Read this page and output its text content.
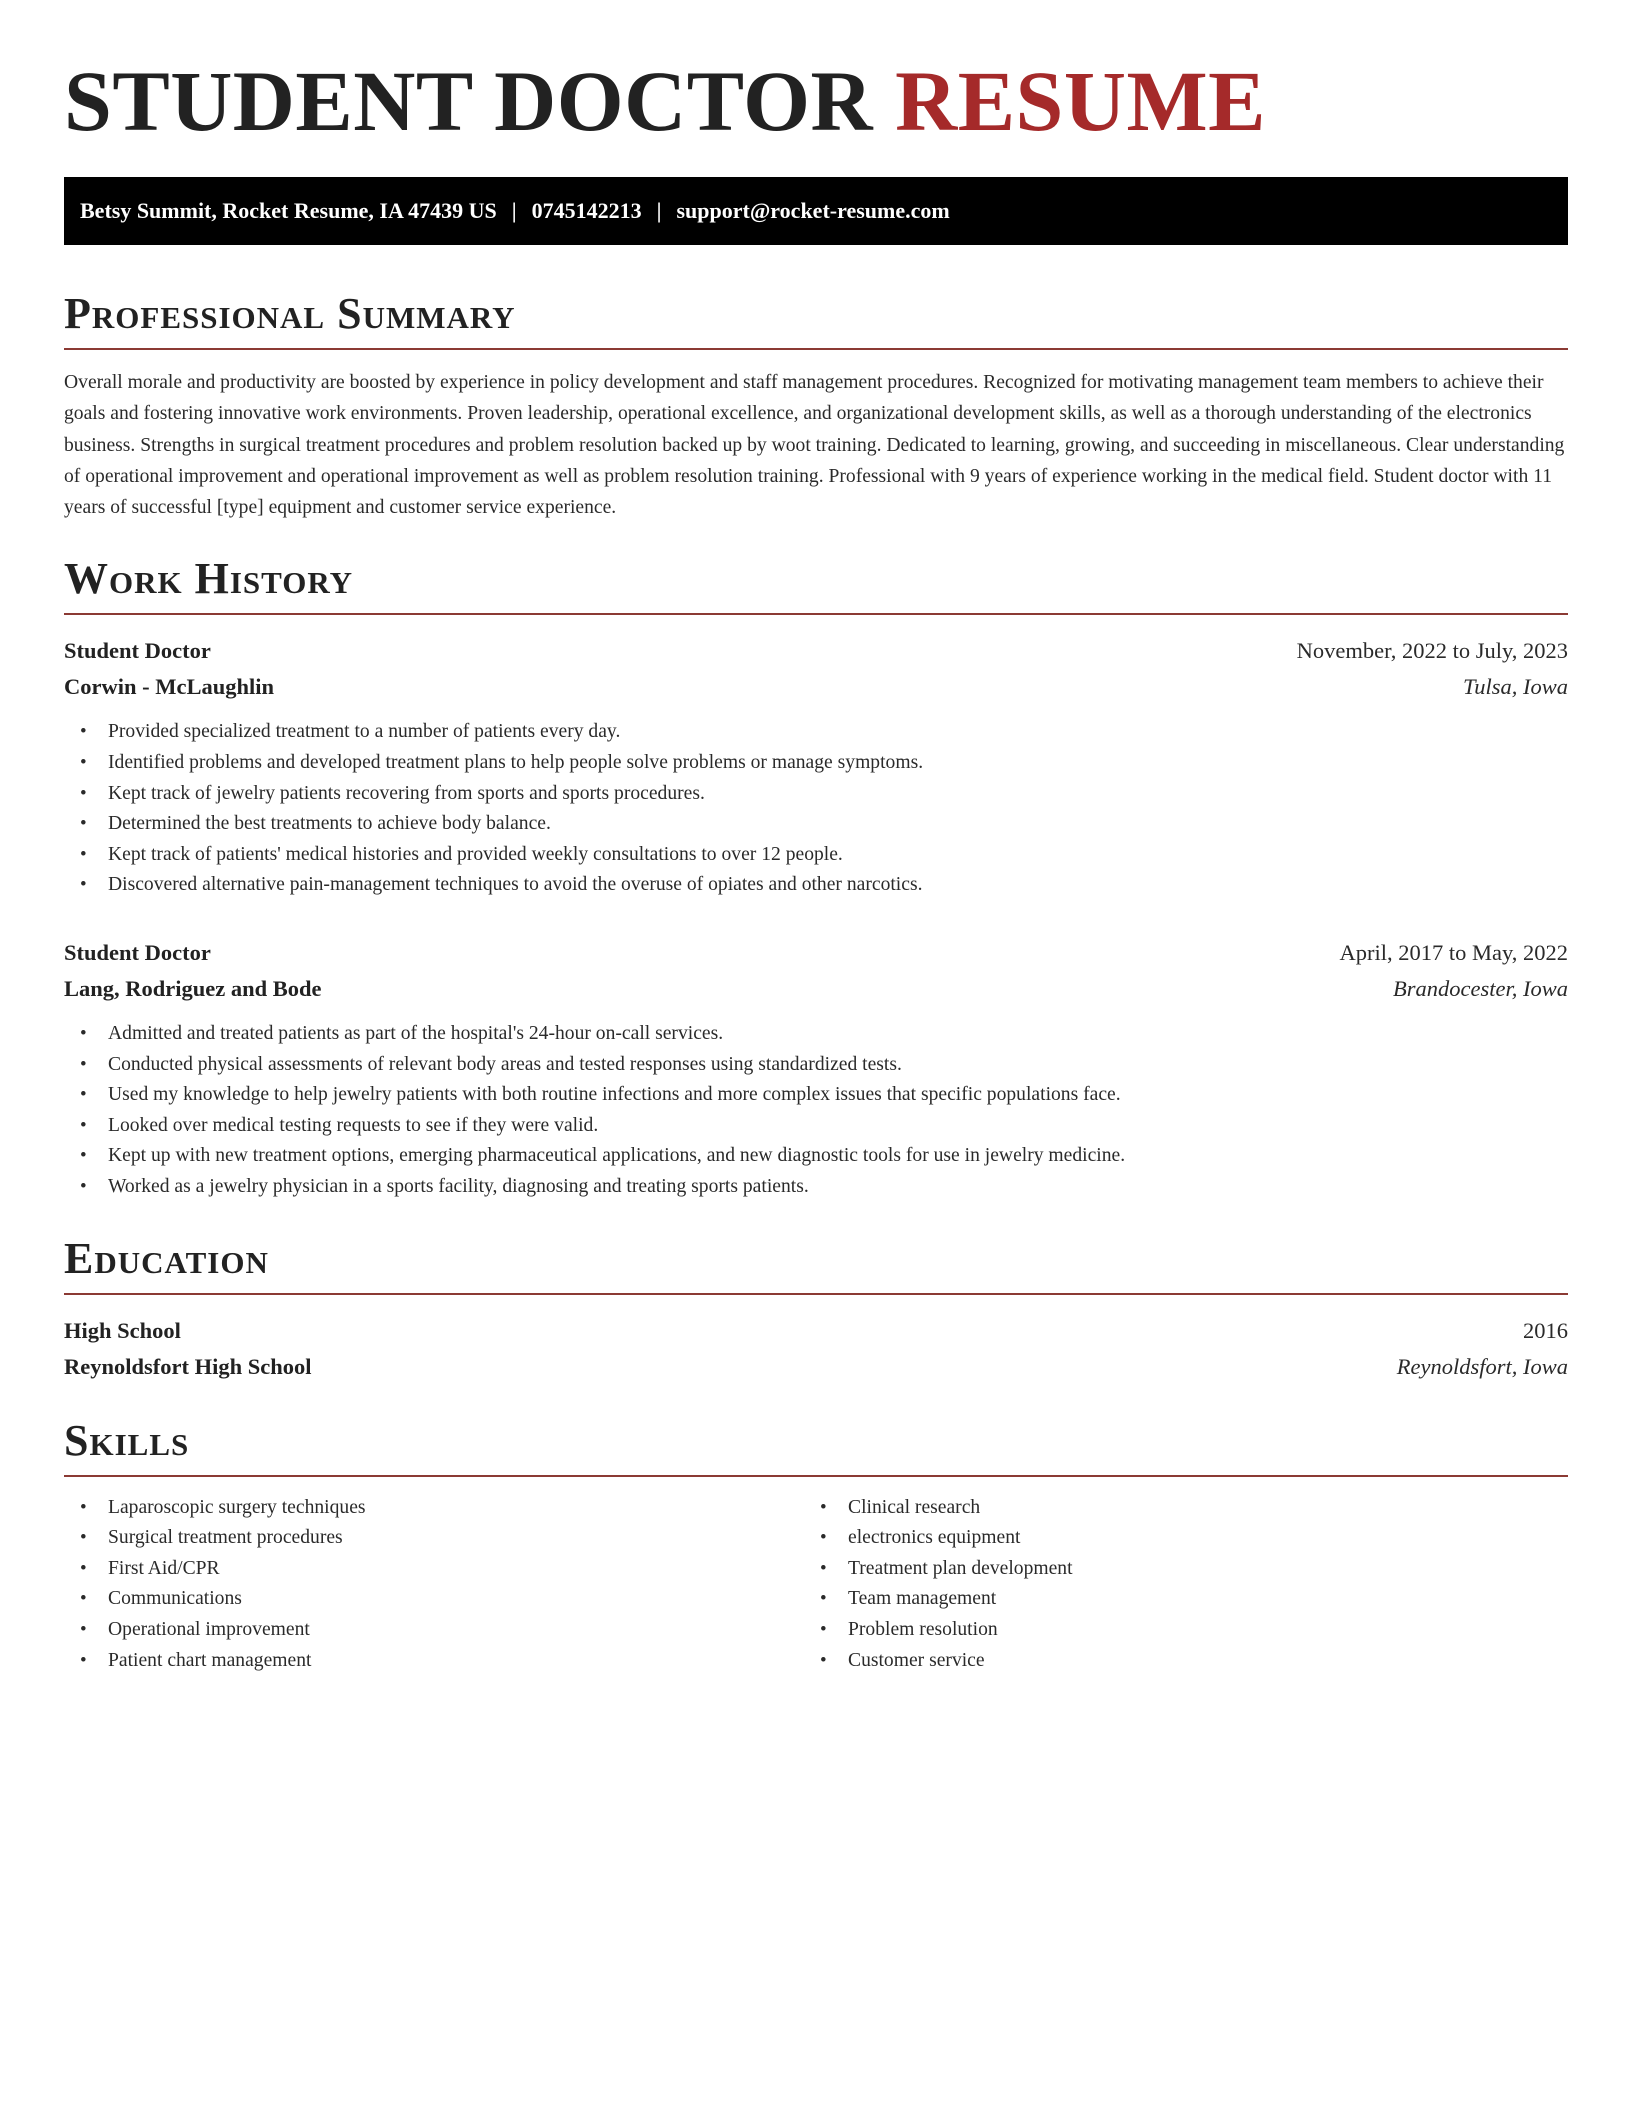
STUDENT DOCTOR RESUME
Betsy Summit, Rocket Resume, IA 47439 US | 0745142213 | support@rocket-resume.com
Professional Summary

Overall morale and productivity are boosted by experience in policy development and staff management procedures. Recognized for motivating management team members to achieve their goals and fostering innovative work environments. Proven leadership, operational excellence, and organizational development skills, as well as a thorough understanding of the electronics business. Strengths in surgical treatment procedures and problem resolution backed up by woot training. Dedicated to learning, growing, and succeeding in miscellaneous. Clear understanding of operational improvement and operational improvement as well as problem resolution training. Professional with 9 years of experience working in the medical field. Student doctor with 11 years of successful [type] equipment and customer service experience.

Work History
Student Doctor	November, 2022 to July, 2023
Corwin - McLaughlin	Tulsa, Iowa
• Provided specialized treatment to a number of patients every day.
• Identified problems and developed treatment plans to help people solve problems or manage symptoms.
• Kept track of jewelry patients recovering from sports and sports procedures.
• Determined the best treatments to achieve body balance.
• Kept track of patients' medical histories and provided weekly consultations to over 12 people.
• Discovered alternative pain-management techniques to avoid the overuse of opiates and other narcotics.
Student Doctor	April, 2017 to May, 2022
Lang, Rodriguez and Bode	Brandocester, Iowa
• Admitted and treated patients as part of the hospital's 24-hour on-call services.
• Conducted physical assessments of relevant body areas and tested responses using standardized tests.
• Used my knowledge to help jewelry patients with both routine infections and more complex issues that specific populations face.
• Looked over medical testing requests to see if they were valid.
• Kept up with new treatment options, emerging pharmaceutical applications, and new diagnostic tools for use in jewelry medicine.
• Worked as a jewelry physician in a sports facility, diagnosing and treating sports patients.
Education
High School	2016
Reynoldsfort High School	Reynoldsfort, Iowa
Skills
• Laparoscopic surgery techniques
• Surgical treatment procedures
• First Aid/CPR
• Communications
• Operational improvement
• Patient chart management
• Clinical research
• electronics equipment
• Treatment plan development
• Team management
• Problem resolution
• Customer service
